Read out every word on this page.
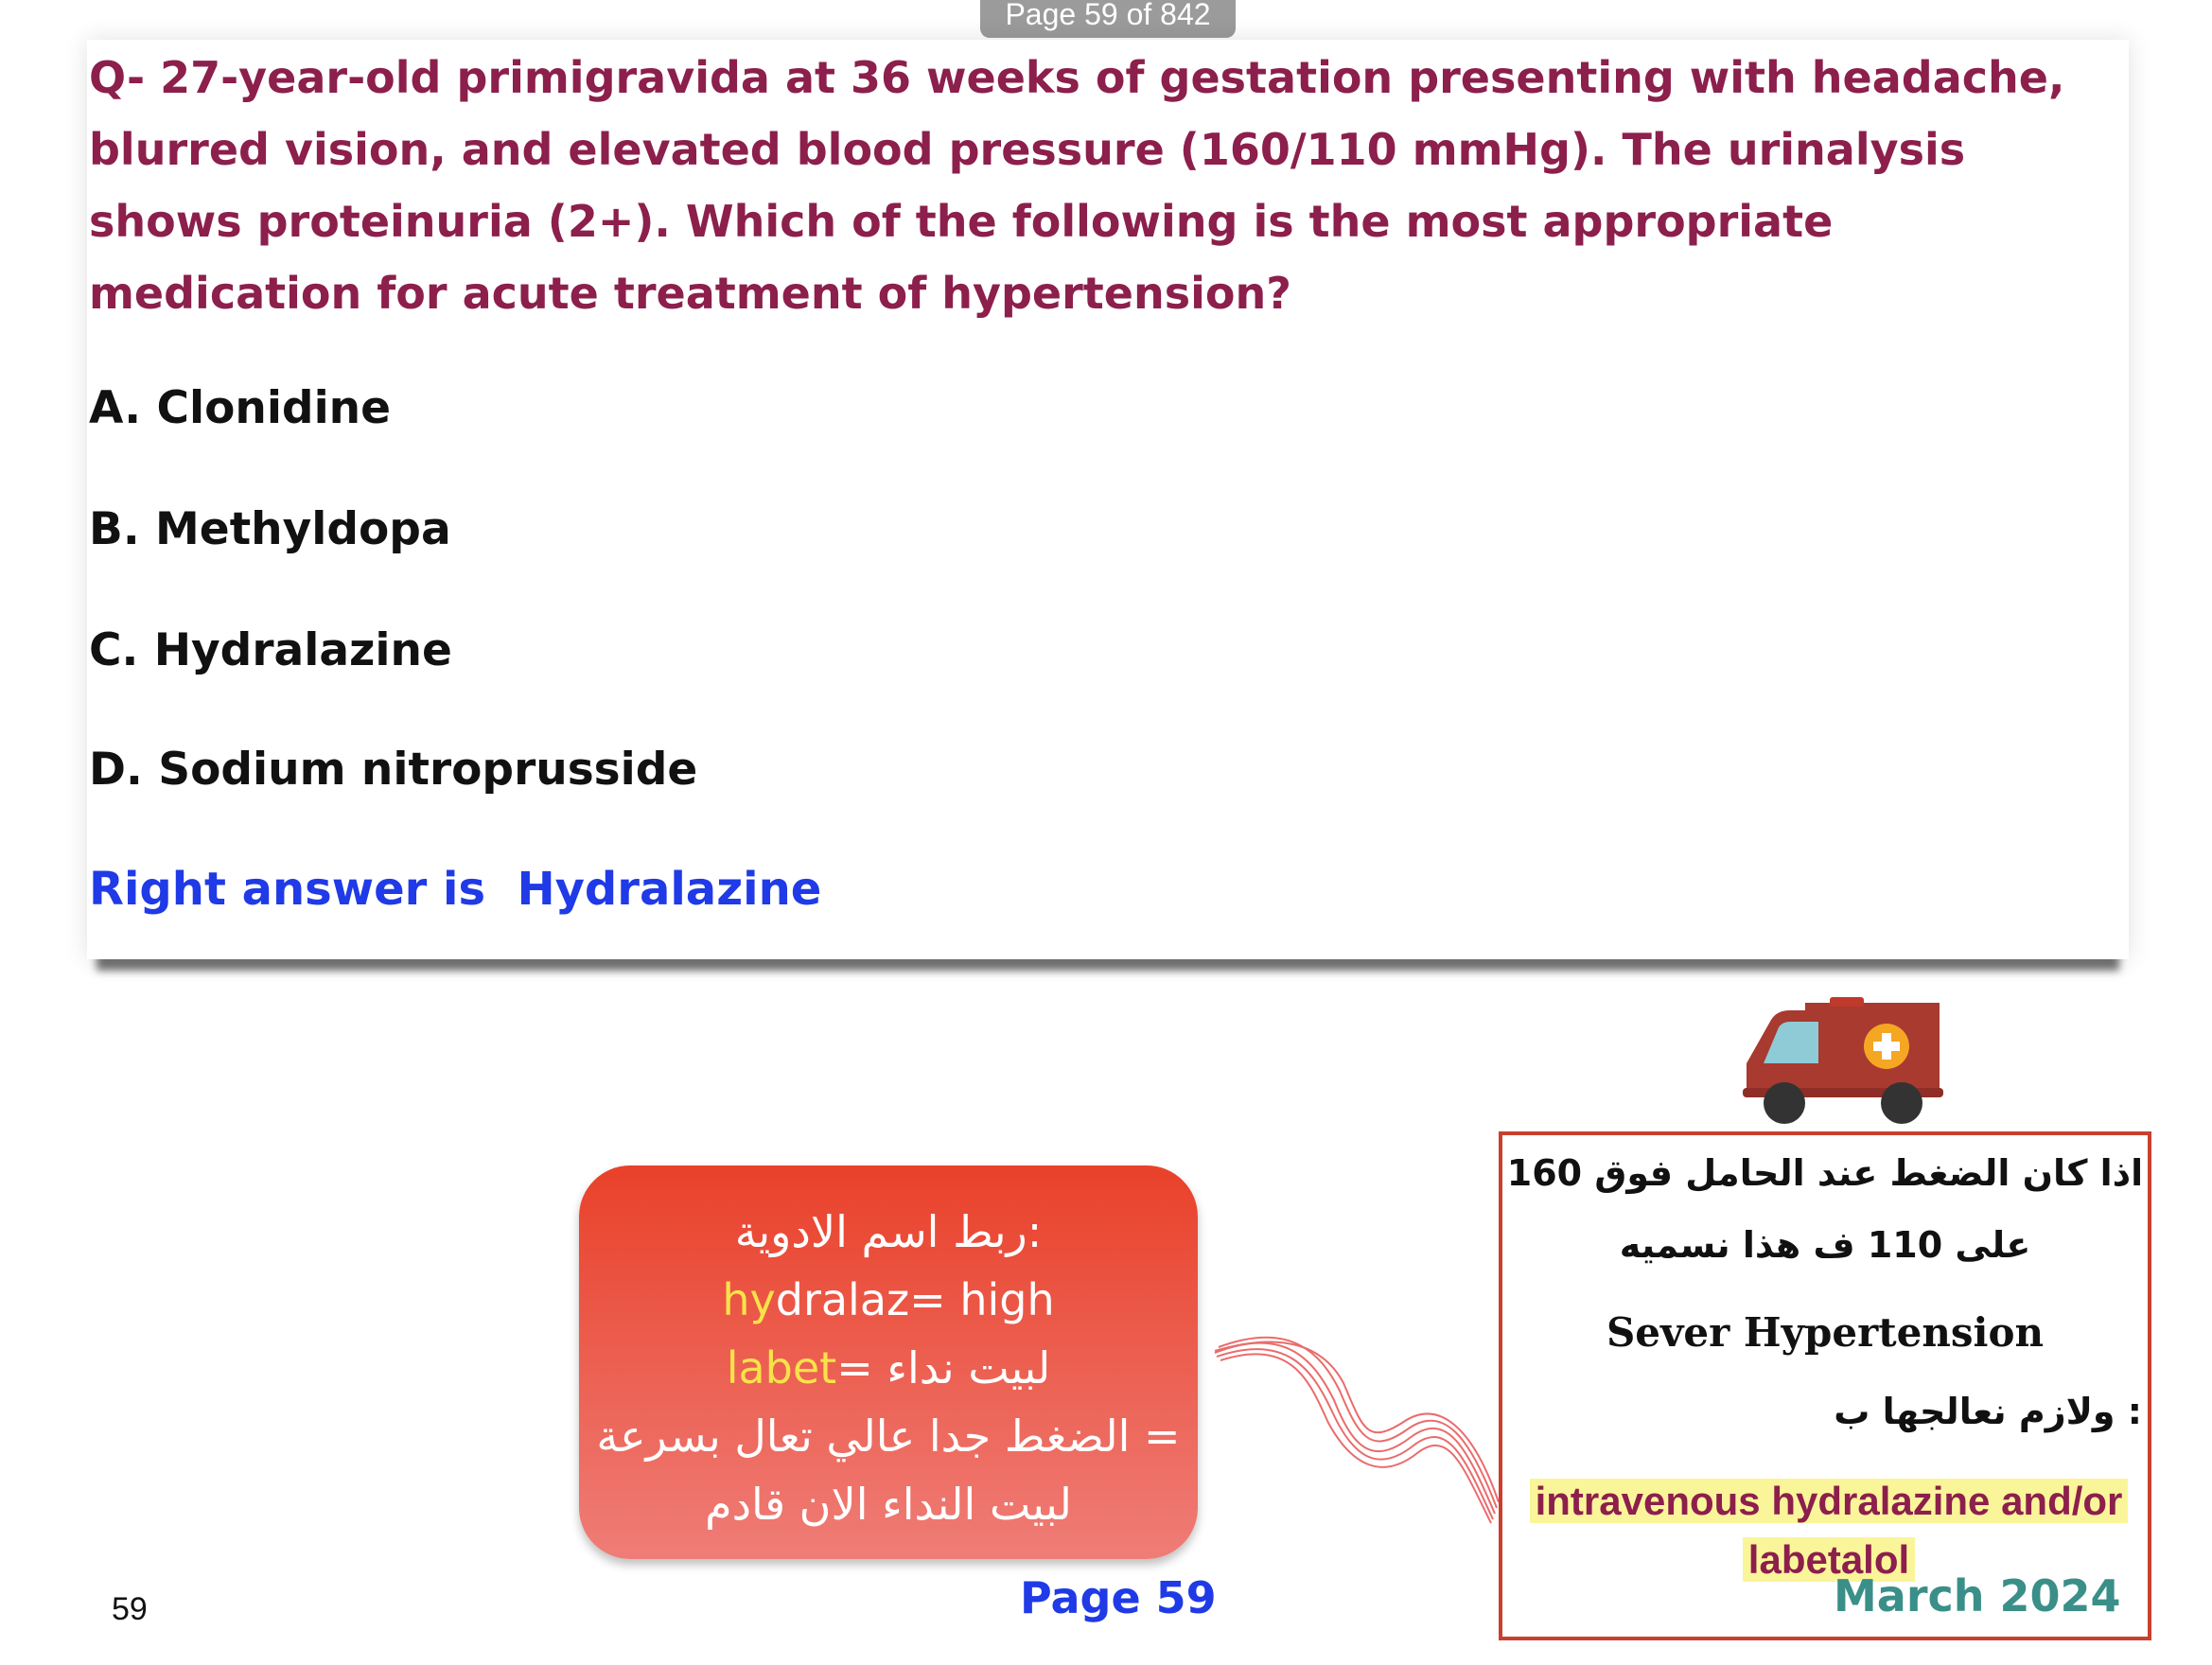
Page 59 of 842

Q- 27-year-old primigravida at 36 weeks of gestation presenting with headache, blurred vision, and elevated blood pressure (160/110 mmHg). The urinalysis shows proteinuria (2+). Which of the following is the most appropriate medication for acute treatment of hypertension?

A. Clonidine

B. Methyldopa

C. Hydralazine

D. Sodium nitroprusside

Right answer is  Hydralazine

ربط اسم الادوية:
hydralaz= high
labet= لبيت نداء
الضغط جدا عالي تعال بسرعة =
لبيت النداء الان قادم

اذا كان الضغط عند الحامل فوق 160

على 110 ف هذا نسميه

Sever Hypertension

ولازم نعالجها ب :

intravenous hydralazine and/or
labetalol

March 2024

Page 59

59
